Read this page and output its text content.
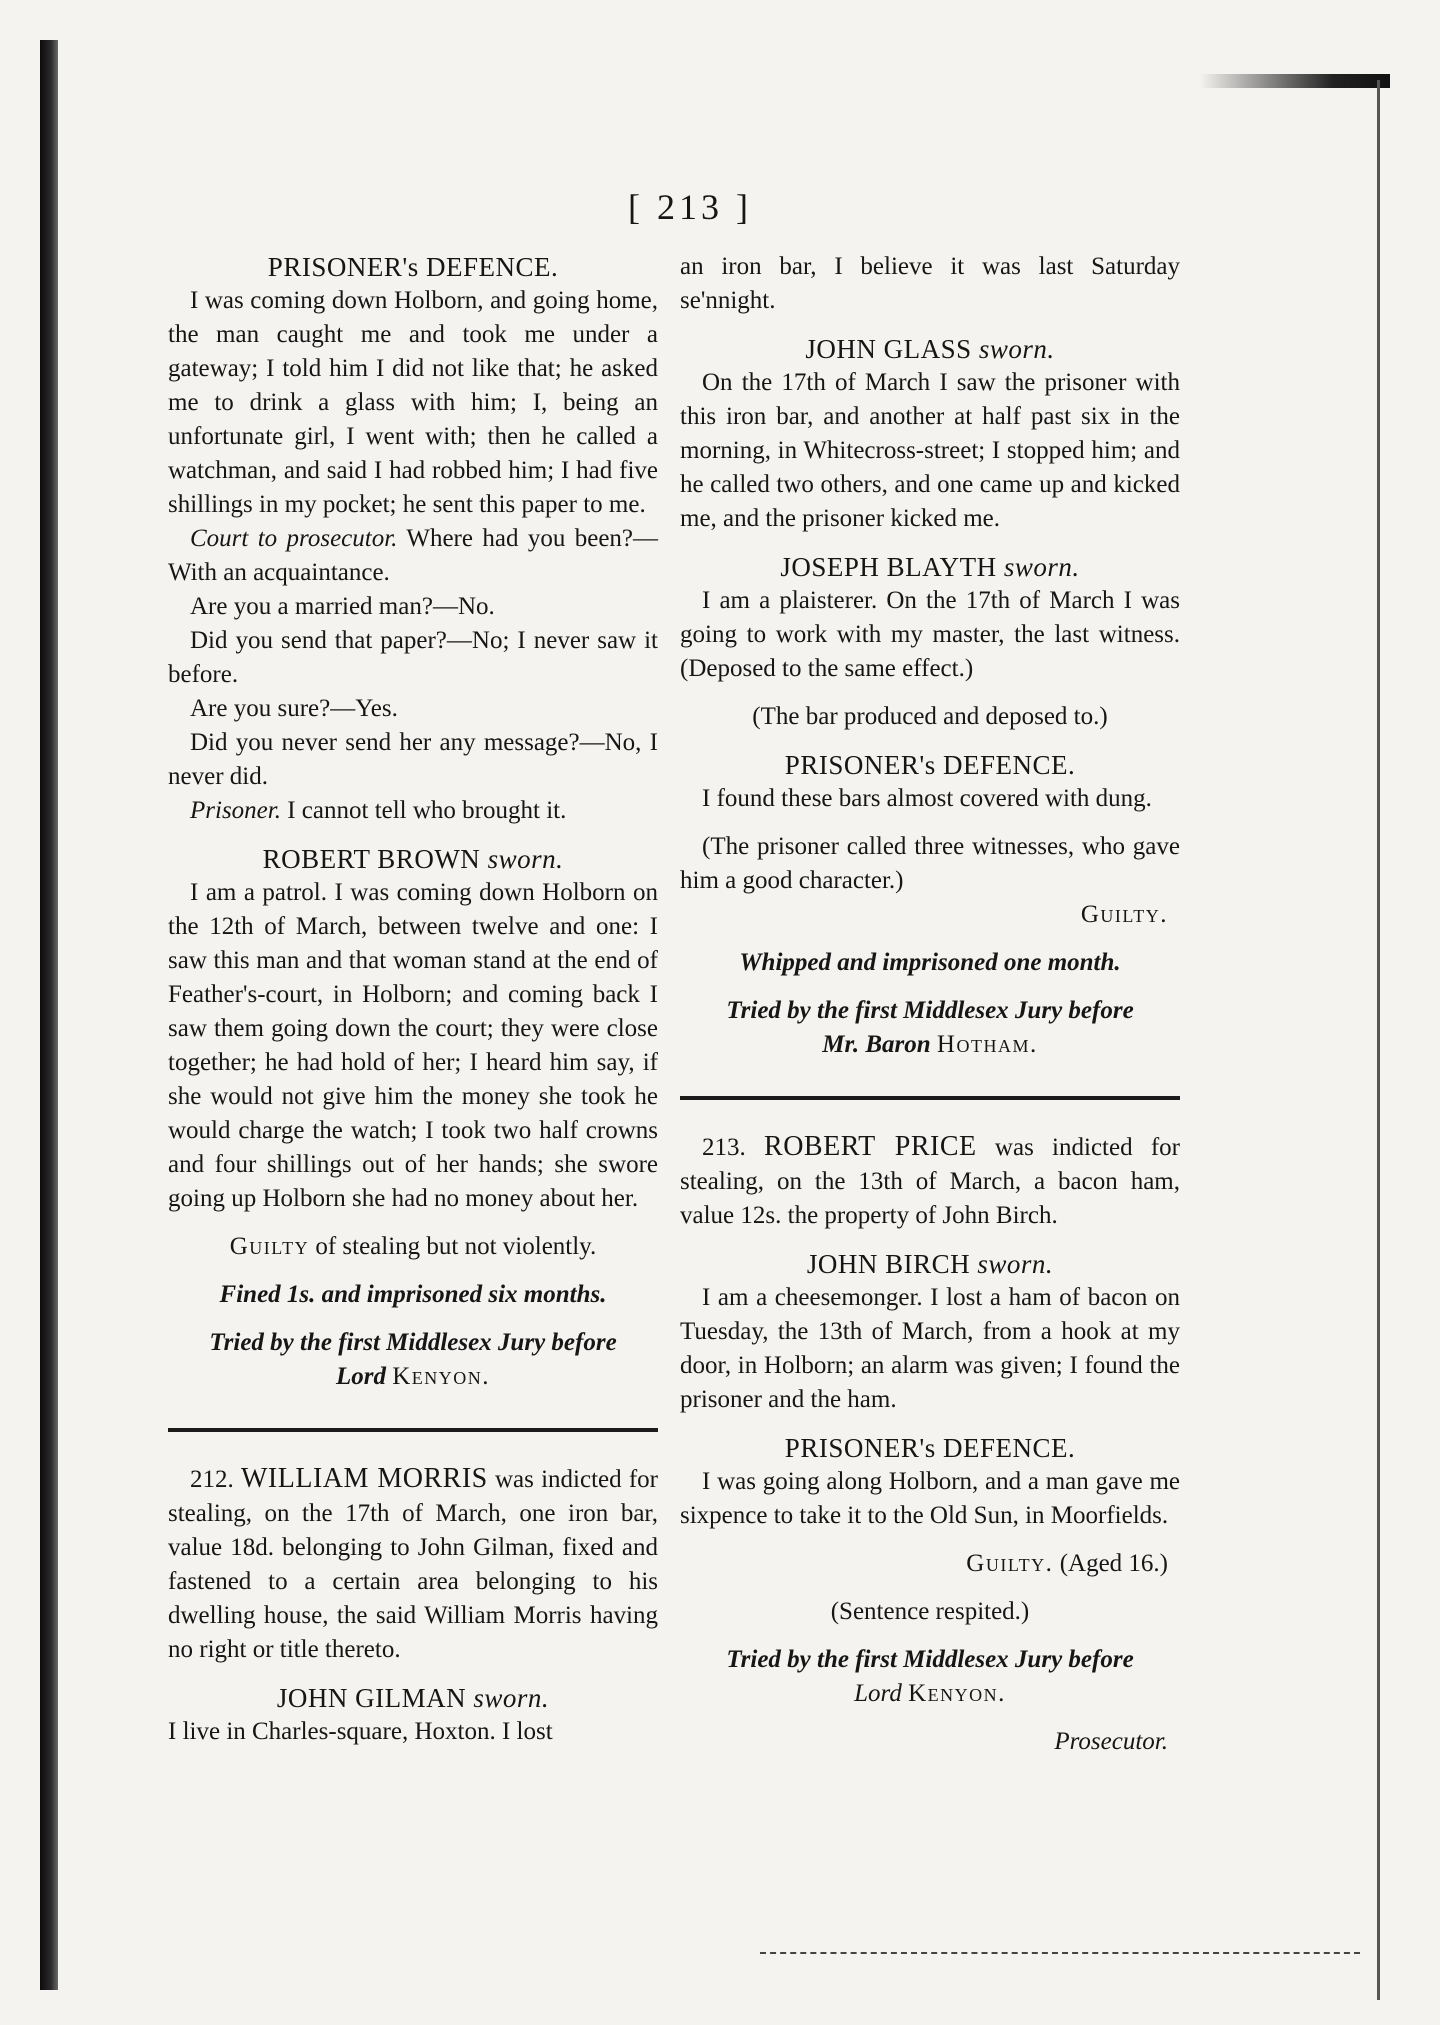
[ 213 ]

PRISONER's DEFENCE.

I was coming down Holborn, and going home, the man caught me and took me under a gateway; I told him I did not like that; he asked me to drink a glass with him; I, being an unfortunate girl, I went with; then he called a watchman, and said I had robbed him; I had five shillings in my pocket; he sent this paper to me.

Court to prosecutor. Where had you been?—With an acquaintance.

Are you a married man?—No.

Did you send that paper?—No; I never saw it before.

Are you sure?—Yes.

Did you never send her any message?—No, I never did.

Prisoner. I cannot tell who brought it.

ROBERT BROWN sworn.

I am a patrol. I was coming down Holborn on the 12th of March, between twelve and one: I saw this man and that woman stand at the end of Feather's-court, in Holborn; and coming back I saw them going down the court; they were close together; he had hold of her; I heard him say, if she would not give him the money she took he would charge the watch; I took two half crowns and four shillings out of her hands; she swore going up Holborn she had no money about her.

Guilty of stealing but not violently.

Fined 1s. and imprisoned six months.

Tried by the first Middlesex Jury before

Lord Kenyon.

212. WILLIAM MORRIS was indicted for stealing, on the 17th of March, one iron bar, value 18d. belonging to John Gilman, fixed and fastened to a certain area belonging to his dwelling house, the said William Morris having no right or title thereto.

JOHN GILMAN sworn.

I live in Charles-square, Hoxton. I lost

an iron bar, I believe it was last Saturday se'nnight.

JOHN GLASS sworn.

On the 17th of March I saw the prisoner with this iron bar, and another at half past six in the morning, in Whitecross-street; I stopped him; and he called two others, and one came up and kicked me, and the prisoner kicked me.

JOSEPH BLAYTH sworn.

I am a plaisterer. On the 17th of March I was going to work with my master, the last witness. (Deposed to the same effect.)

(The bar produced and deposed to.)

PRISONER's DEFENCE.

I found these bars almost covered with dung.

(The prisoner called three witnesses, who gave him a good character.)

Guilty.

Whipped and imprisoned one month.

Tried by the first Middlesex Jury before

Mr. Baron Hotham.

213. ROBERT PRICE was indicted for stealing, on the 13th of March, a bacon ham, value 12s. the property of John Birch.

JOHN BIRCH sworn.

I am a cheesemonger. I lost a ham of bacon on Tuesday, the 13th of March, from a hook at my door, in Holborn; an alarm was given; I found the prisoner and the ham.

PRISONER's DEFENCE.

I was going along Holborn, and a man gave me sixpence to take it to the Old Sun, in Moorfields.

Guilty. (Aged 16.)

(Sentence respited.)

Tried by the first Middlesex Jury before

Lord Kenyon.

Prosecutor.
